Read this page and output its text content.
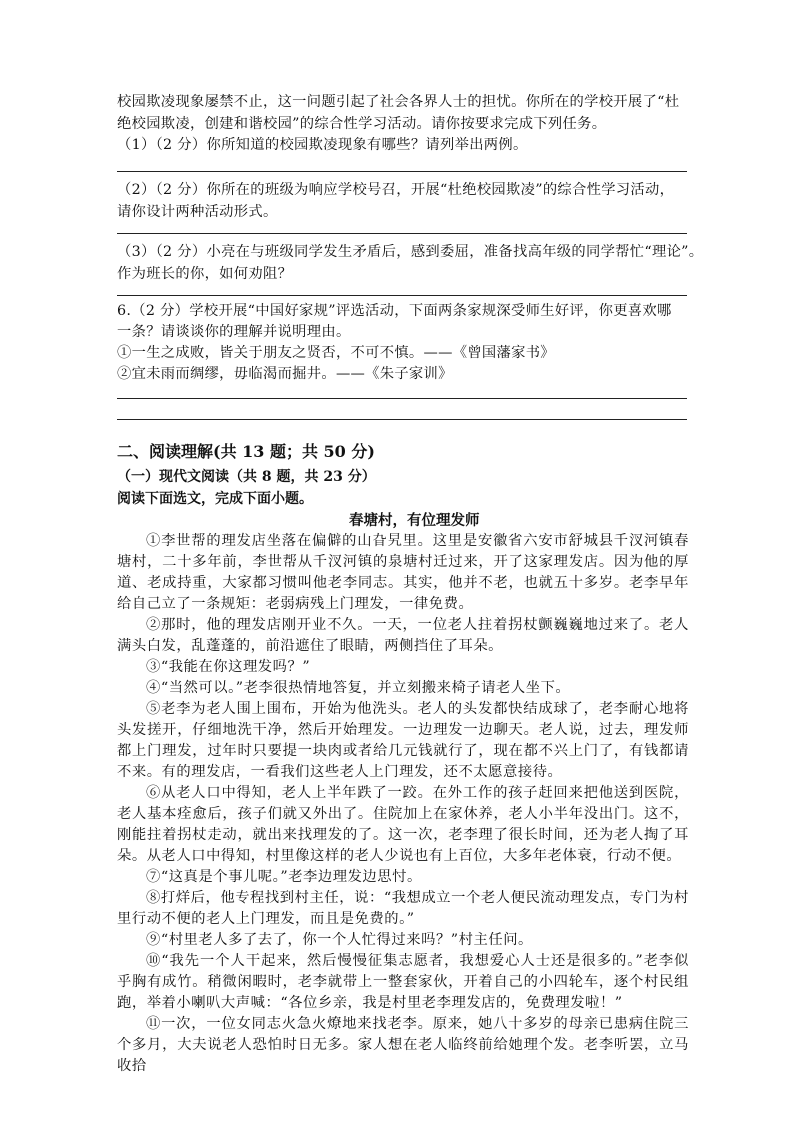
校园欺凌现象屡禁不止，这一问题引起了社会各界人士的担忧。你所在的学校开展了“杜
绝校园欺凌，创建和谐校园”的综合性学习活动。请你按要求完成下列任务。
（1）（2 分）你所知道的校园欺凌现象有哪些？请列举出两例。
（2）（2 分）你所在的班级为响应学校号召，开展“杜绝校园欺凌”的综合性学习活动，
请你设计两种活动形式。
（3）（2 分）小亮在与班级同学发生矛盾后，感到委屈，准备找高年级的同学帮忙“理论”。
作为班长的你，如何劝阻？
6.（2 分）学校开展“中国好家规”评选活动，下面两条家规深受师生好评，你更喜欢哪
一条？请谈谈你的理解并说明理由。
①一生之成败，皆关于朋友之贤否，不可不慎。——《曾国藩家书》
②宜未雨而绸缪，毋临渴而掘井。——《朱子家训》
二、阅读理解(共 13 题；共 50 分)
（一）现代文阅读（共 8 题，共 23 分）
阅读下面选文，完成下面小题。
春塘村，有位理发师
①李世帮的理发店坐落在偏僻的山旮旯里。这里是安徽省六安市舒城县千汊河镇春塘村，二十多年前，李世帮从千汊河镇的泉塘村迁过来，开了这家理发店。因为他的厚道、老成持重，大家都习惯叫他老李同志。其实，他并不老，也就五十多岁。老李早年给自己立了一条规矩：老弱病残上门理发，一律免费。
②那时，他的理发店刚开业不久。一天，一位老人拄着拐杖颤巍巍地过来了。老人满头白发，乱蓬蓬的，前沿遮住了眼睛，两侧挡住了耳朵。
③“我能在你这理发吗？”
④“当然可以。”老李很热情地答复，并立刻搬来椅子请老人坐下。
⑤老李为老人围上围布，开始为他洗头。老人的头发都快结成球了，老李耐心地将头发搓开，仔细地洗干净，然后开始理发。一边理发一边聊天。老人说，过去，理发师都上门理发，过年时只要提一块肉或者给几元钱就行了，现在都不兴上门了，有钱都请不来。有的理发店，一看我们这些老人上门理发，还不太愿意接待。
⑥从老人口中得知，老人上半年跌了一跤。在外工作的孩子赶回来把他送到医院，老人基本痊愈后，孩子们就又外出了。住院加上在家休养，老人小半年没出门。这不，刚能拄着拐杖走动，就出来找理发的了。这一次，老李理了很长时间，还为老人掏了耳朵。从老人口中得知，村里像这样的老人少说也有上百位，大多年老体衰，行动不便。
⑦“这真是个事儿呢。”老李边理发边思忖。
⑧打烊后，他专程找到村主任，说：“我想成立一个老人便民流动理发点，专门为村里行动不便的老人上门理发，而且是免费的。”
⑨“村里老人多了去了，你一个人忙得过来吗？”村主任问。
⑩“我先一个人干起来，然后慢慢征集志愿者，我想爱心人士还是很多的。”老李似乎胸有成竹。稍微闲暇时，老李就带上一整套家伙，开着自己的小四轮车，逐个村民组跑，举着小喇叭大声喊：“各位乡亲，我是村里老李理发店的，免费理发啦！”
⑪一次，一位女同志火急火燎地来找老李。原来，她八十多岁的母亲已患病住院三个多月，大夫说老人恐怕时日无多。家人想在老人临终前给她理个发。老李听罢，立马收拾
